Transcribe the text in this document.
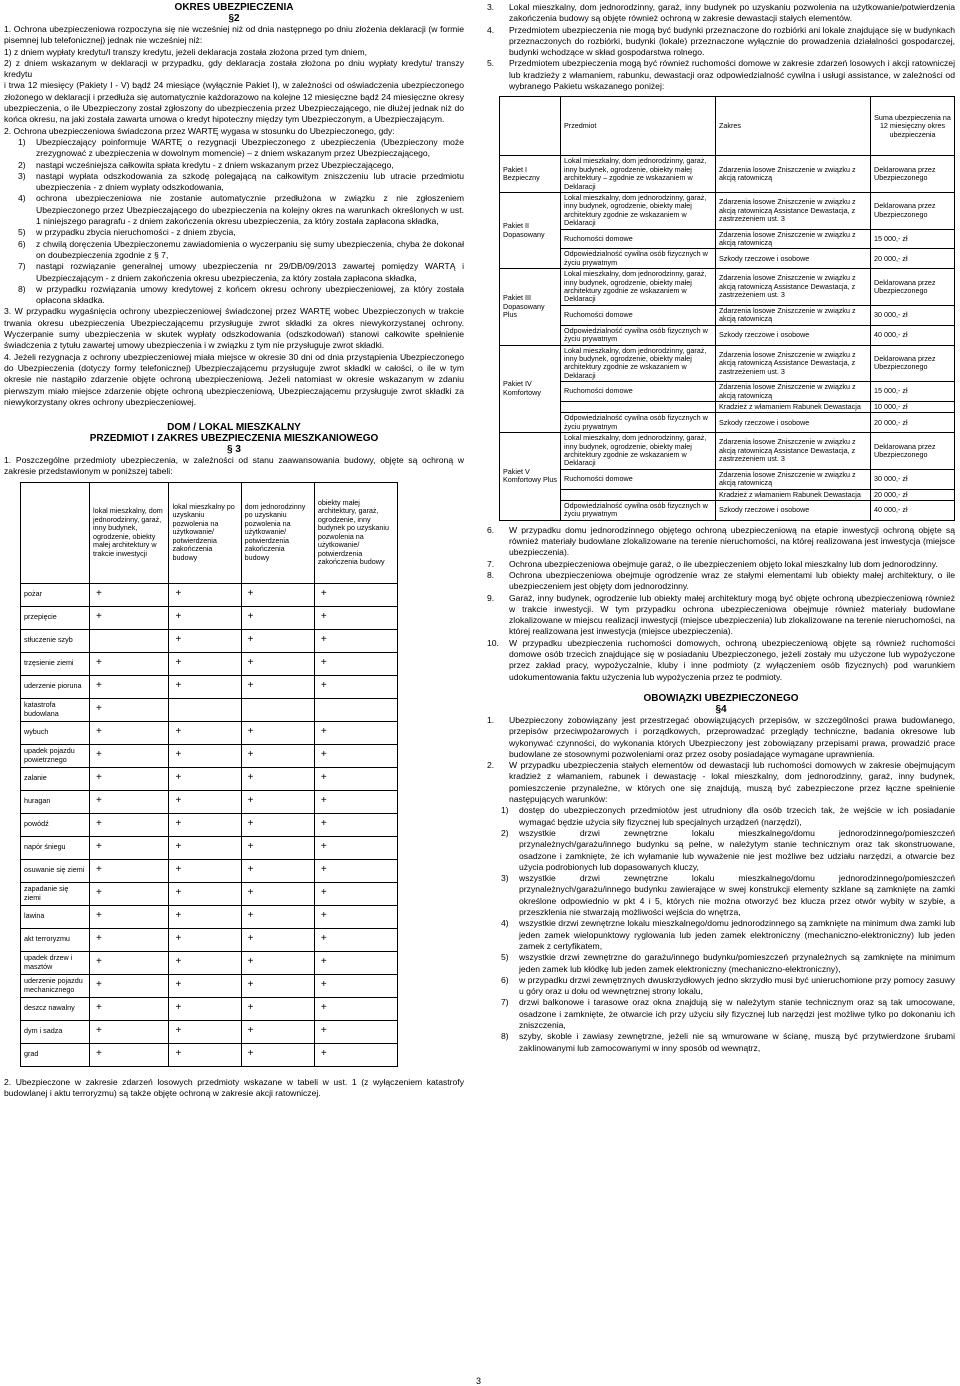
OKRES UBEZPIECZENIA
§2

1. Ochrona ubezpieczeniowa rozpoczyna się nie wcześniej niż od dnia następnego po dniu złożenia deklaracji (w formie pisemnej lub telefonicznej) jednak nie wcześniej niż:

1) z dniem wypłaty kredytu/I transzy kredytu, jeżeli deklaracja została złożona przed tym dniem,

2) z dniem wskazanym w deklaracji w przypadku, gdy deklaracja została złożona po dniu wypłaty kredytu/ transzy kredytu

i trwa 12 miesięcy (Pakiety I - V) bądź 24 miesiące (wyłącznie Pakiet I), w zależności od oświadczenia ubezpieczonego złożonego w deklaracji i przedłuża się automatycznie każdorazowo na kolejne 12 miesięczne bądź 24 miesięczne okresy ubezpieczenia, o ile Ubezpieczony został zgłoszony do ubezpieczenia przez Ubezpieczającego, nie dłużej jednak niż do końca okresu, na jaki została zawarta umowa o kredyt hipoteczny między tym Ubezpieczonym, a Ubezpieczającym.

2. Ochrona ubezpieczeniowa świadczona przez WARTĘ wygasa w stosunku do Ubezpieczonego, gdy:

1)	Ubezpieczający poinformuje WARTĘ o rezygnacji Ubezpieczonego z ubezpieczenia (Ubezpieczony może zrezygnować z ubezpieczenia w dowolnym momencie) – z dniem wskazanym przez Ubezpieczającego,
2)	nastąpi wcześniejsza całkowita spłata kredytu - z dniem wskazanym przez Ubezpieczającego,
3)	nastąpi wypłata odszkodowania za szkodę polegającą na całkowitym zniszczeniu lub utracie przedmiotu ubezpieczenia - z dniem wypłaty odszkodowania,
4)	ochrona ubezpieczeniowa nie zostanie automatycznie przedłużona w związku z nie zgłoszeniem Ubezpieczonego przez Ubezpieczającego do ubezpieczenia na kolejny okres na warunkach określonych w ust. 1 niniejszego paragrafu - z dniem zakończenia okresu ubezpieczenia, za który została zapłacona składka,
5)	w przypadku zbycia nieruchomości - z dniem zbycia,
6)	z chwilą doręczenia Ubezpieczonemu zawiadomienia o wyczerpaniu się sumy ubezpieczenia, chyba że dokonał on doubezpieczenia zgodnie z § 7,
7)	nastąpi rozwiązanie generalnej umowy ubezpieczenia nr 29/DB/09/2013 zawartej pomiędzy WARTĄ i Ubezpieczającym - z dniem zakończenia okresu ubezpieczenia, za który została zapłacona składka,
8)	w przypadku rozwiązania umowy kredytowej z końcem okresu ochrony ubezpieczeniowej, za który została opłacona składka.

3. W przypadku wygaśnięcia ochrony ubezpieczeniowej świadczonej przez WARTĘ wobec Ubezpieczonych w trakcie trwania okresu ubezpieczenia Ubezpieczającemu przysługuje zwrot składki za okres niewykorzystanej ochrony. Wyczerpanie sumy ubezpieczenia w skutek wypłaty odszkodowania (odszkodowań) stanowi całkowite spełnienie świadczenia z tytułu zawartej umowy ubezpieczenia i w związku z tym nie przysługuje zwrot składki.

4. Jeżeli rezygnacja z ochrony ubezpieczeniowej miała miejsce w okresie 30 dni od dnia przystąpienia Ubezpieczonego do Ubezpieczenia (dotyczy formy telefonicznej) Ubezpieczającemu przysługuje zwrot składki w całości, o ile w tym okresie nie nastąpiło zdarzenie objęte ochroną ubezpieczeniową. Jeżeli natomiast w okresie wskazanym w zdaniu pierwszym miało miejsce zdarzenie objęte ochroną ubezpieczeniową, Ubezpieczającemu przysługuje zwrot składki za niewykorzystany okres ochrony ubezpieczeniowej.

DOM / LOKAL MIESZKALNY
PRZEDMIOT I ZAKRES UBEZPIECZENIA MIESZKANIOWEGO
§ 3

1. Poszczególne przedmioty ubezpieczenia, w zależności od stanu zaawansowania budowy, objęte są ochroną w zakresie przedstawionym w poniższej tabeli:

	lokal mieszkalny, dom jednorodzinny, garaż, inny budynek, ogrodzenie, obiekty małej architektury w trakcie inwestycji	lokal mieszkalny po uzyskaniu pozwolenia na użytkowanie/ potwierdzenia zakończenia budowy	dom jednorodzinny po uzyskaniu pozwolenia na użytkowanie/ potwierdzenia zakończenia budowy	obiekty małej architektury, garaż, ogrodzenie, inny budynek po uzyskaniu pozwolenia na użytkowanie/ potwierdzenia zakończenia budowy
pożar	+	+	+	+
przepięcie	+	+	+	+
stłuczenie szyb		+	+	+
trzęsienie ziemi	+	+	+	+
uderzenie pioruna	+	+	+	+
katastrofa budowlana	+			
wybuch	+	+	+	+
upadek pojazdu powietrznego	+	+	+	+
zalanie	+	+	+	+
huragan	+	+	+	+
powódź	+	+	+	+
napór śniegu	+	+	+	+
osuwanie się ziemi	+	+	+	+
zapadanie się ziemi	+	+	+	+
lawina	+	+	+	+
akt terroryzmu	+	+	+	+
upadek drzew i masztów	+	+	+	+
uderzenie pojazdu mechanicznego	+	+	+	+
deszcz nawalny	+	+	+	+
dym i sadza	+	+	+	+
grad	+	+	+	+

2. Ubezpieczone w zakresie zdarzeń losowych przedmioty wskazane w tabeli w ust. 1 (z wyłączeniem katastrofy budowlanej i aktu terroryzmu) są także objęte ochroną w zakresie akcji ratowniczej.

3.	Lokal mieszkalny, dom jednorodzinny, garaż, inny budynek po uzyskaniu pozwolenia na użytkowanie/potwierdzenia zakończenia budowy są objęte również ochroną w zakresie dewastacji stałych elementów.
4.	Przedmiotem ubezpieczenia nie mogą być budynki przeznaczone do rozbiórki ani lokale znajdujące się w budynkach przeznaczonych do rozbiórki, budynki (lokale) przeznaczone wyłącznie do prowadzenia działalności gospodarczej, budynki wchodzące w skład gospodarstwa rolnego.
5.	Przedmiotem ubezpieczenia mogą być również ruchomości domowe w zakresie zdarzeń losowych i akcji ratowniczej lub kradzieży z włamaniem, rabunku, dewastacji oraz odpowiedzialność cywilna i usługi assistance, w zależności od wybranego Pakietu wskazanego poniżej:
	Przedmiot	Zakres	Suma ubezpieczenia na 12 miesięczny okres ubezpieczenia
Pakiet I Bezpieczny	Lokal mieszkalny, dom jednorodzinny, garaż, inny budynek, ogrodzenie, obiekty małej architektury – zgodnie ze wskazaniem w Deklaracji	Zdarzenia losowe Zniszczenie w związku z akcją ratowniczą	Deklarowana przez Ubezpieczonego
Pakiet II Dopasowany	Lokal mieszkalny, dom jednorodzinny, garaż, inny budynek, ogrodzenie, obiekty małej architektury zgodnie ze wskazaniem w Deklaracji	Zdarzenia losowe Zniszczenie w związku z akcją ratowniczą Assistance Dewastacja, z zastrzeżeniem ust. 3	Deklarowana przez Ubezpieczonego
	Ruchomości domowe	Zdarzenia losowe Zniszczenie w związku z akcją ratowniczą	15 000,- zł
	Odpowiedzialność cywilna osób fizycznych w życiu prywatnym	Szkody rzeczowe i osobowe	20 000,- zł
Pakiet III Dopasowany Plus	Lokal mieszkalny, dom jednorodzinny, garaż, inny budynek, ogrodzenie, obiekty małej architektury zgodnie ze wskazaniem w Deklaracji	Zdarzenia losowe Zniszczenie w związku z akcją ratowniczą Assistance Dewastacja, z zastrzeżeniem ust. 3	Deklarowana przez Ubezpieczonego
	Ruchomości domowe	Zdarzenia losowe Zniszczenie w związku z akcją ratowniczą	30 000,- zł
	Odpowiedzialność cywilna osób fizycznych w życiu prywatnym	Szkody rzeczowe i osobowe	40 000,- zł
Pakiet IV Komfortowy	Lokal mieszkalny, dom jednorodzinny, garaż, inny budynek, ogrodzenie, obiekty małej architektury zgodnie ze wskazaniem w Deklaracji	Zdarzenia losowe Zniszczenie w związku z akcją ratowniczą Assistance Dewastacja, z zastrzeżeniem ust. 3	Deklarowana przez Ubezpieczonego
	Ruchomości domowe	Zdarzenia losowe Zniszczenie w związku z akcją ratowniczą	15 000,- zł
		Kradzież z włamaniem Rabunek Dewastacja	10 000,- zł
	Odpowiedzialność cywilna osób fizycznych w życiu prywatnym	Szkody rzeczowe i osobowe	20 000,- zł
Pakiet V Komfortowy Plus	Lokal mieszkalny, dom jednorodzinny, garaż, inny budynek, ogrodzenie, obiekty małej architektury zgodnie ze wskazaniem w Deklaracji	Zdarzenia losowe Zniszczenie w związku z akcją ratowniczą Assistance Dewastacja, z zastrzeżeniem ust. 3	Deklarowana przez Ubezpieczonego
	Ruchomości domowe	Zdarzenia losowe Zniszczenie w związku z akcją ratowniczą	30 000,- zł
		Kradzież z włamaniem Rabunek Dewastacja	20 000,- zł
	Odpowiedzialność cywilna osób fizycznych w życiu prywatnym	Szkody rzeczowe i osobowe	40 000,- zł
6.	W przypadku domu jednorodzinnego objętego ochroną ubezpieczeniową na etapie inwestycji ochroną objęte są również materiały budowlane zlokalizowane na terenie nieruchomości, na której realizowana jest inwestycja (miejsce ubezpieczenia).
7.	Ochrona ubezpieczeniowa obejmuje garaż, o ile ubezpieczeniem objęto lokal mieszkalny lub dom jednorodzinny.
8.	Ochrona ubezpieczeniowa obejmuje ogrodzenie wraz ze stałymi elementami lub obiekty małej architektury, o ile ubezpieczeniem jest objęty dom jednorodzinny.
9.	Garaż, inny budynek, ogrodzenie lub obiekty małej architektury mogą być objęte ochroną ubezpieczeniową również w trakcie inwestycji. W tym przypadku ochrona ubezpieczeniowa obejmuje również materiały budowlane zlokalizowane w miejscu realizacji inwestycji (miejsce ubezpieczenia) lub zlokalizowane na terenie nieruchomości, na której realizowana jest inwestycja (miejsce ubezpieczenia).
10.	W przypadku ubezpieczenia ruchomości domowych, ochroną ubezpieczeniową objęte są również ruchomości domowe osób trzecich znajdujące się w posiadaniu Ubezpieczonego, jeżeli zostały mu użyczone lub wypożyczone przez zakład pracy, wypożyczalnie, kluby i inne podmioty (z wyłączeniem osób fizycznych) pod warunkiem udokumentowania faktu użyczenia lub wypożyczenia przez te podmioty.
OBOWIĄZKI UBEZPIECZONEGO
§4
1.	Ubezpieczony zobowiązany jest przestrzegać obowiązujących przepisów, w szczególności prawa budowlanego, przepisów przeciwpożarowych i porządkowych, przeprowadzać przeglądy techniczne, badania okresowe lub wykonywać czynności, do wykonania których Ubezpieczony jest zobowiązany przepisami prawa, prowadzić prace budowlane ze stosownymi pozwoleniami oraz przez osoby posiadające wymagane uprawnienia.
2.	W przypadku ubezpieczenia stałych elementów od dewastacji lub ruchomości domowych w zakresie obejmującym kradzież z włamaniem, rabunek i dewastację - lokal mieszkalny, dom jednorodzinny, garaż, inny budynek, pomieszczenie przynależne, w których one się znajdują, muszą być zabezpieczone przez łączne spełnienie następujących warunków:
1)	dostęp do ubezpieczonych przedmiotów jest utrudniony dla osób trzecich tak, że wejście w ich posiadanie wymagać będzie użycia siły fizycznej lub specjalnych urządzeń (narzędzi),
2)	wszystkie drzwi zewnętrzne lokalu mieszkalnego/domu jednorodzinnego/pomieszczeń przynależnych/garażu/innego budynku są pełne, w należytym stanie technicznym oraz tak skonstruowane, osadzone i zamknięte, że ich wyłamanie lub wyważenie nie jest możliwe bez udziału narzędzi, a otwarcie bez użycia podrobionych lub dopasowanych kluczy,
3)	wszystkie drzwi zewnętrzne lokalu mieszkalnego/domu jednorodzinnego/pomieszczeń przynależnych/garażu/innego budynku zawierające w swej konstrukcji elementy szklane są zamknięte na zamki określone odpowiednio w pkt 4 i 5, których nie można otworzyć bez klucza przez otwór wybity w szybie, a przeszklenia nie stwarzają możliwości wejścia do wnętrza,
4)	wszystkie drzwi zewnętrzne lokalu mieszkalnego/domu jednorodzinnego są zamknięte na minimum dwa zamki lub jeden zamek wielopunktowy ryglowania lub jeden zamek elektroniczny (mechaniczno-elektroniczny) lub jeden zamek z certyfikatem,
5)	wszystkie drzwi zewnętrzne do garażu/innego budynku/pomieszczeń przynależnych są zamknięte na minimum jeden zamek lub kłódkę lub jeden zamek elektroniczny (mechaniczno-elektroniczny),
6)	w przypadku drzwi zewnętrznych dwuskrzydłowych jedno skrzydło musi być unieruchomione przy pomocy zasuwy u góry oraz u dołu od wewnętrznej strony lokalu,
7)	drzwi balkonowe i tarasowe oraz okna znajdują się w należytym stanie technicznym oraz są tak umocowane, osadzone i zamknięte, że otwarcie ich przy użyciu siły fizycznej lub narzędzi jest możliwe tylko po dokonaniu ich zniszczenia,
8)	szyby, skoble i zawiasy zewnętrzne, jeżeli nie są wmurowane w ścianę, muszą być przytwierdzone śrubami zaklinowanymi lub zamocowanymi w inny sposób od wewnątrz,
3
